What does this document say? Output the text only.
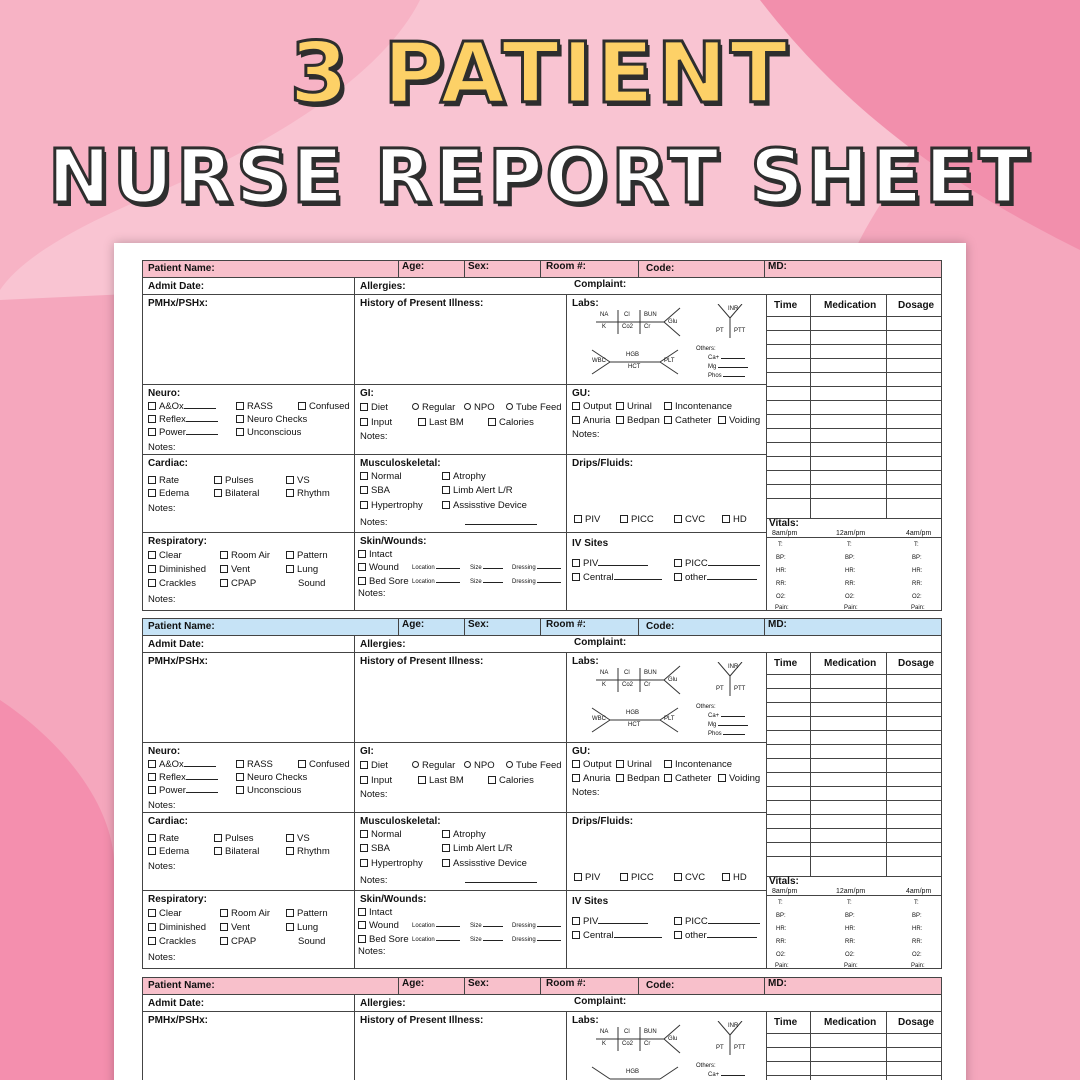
3 PATIENT
NURSE REPORT SHEET
Patient Name:	Age:	Sex:	Room #:	Code:	MD:
Admit Date:	Allergies:	Complaint:
PMHx/PSHx:	History of Present Illness:	Labs:
NA	Cl BUN
K	Co2 Cr
Glu
INR
PT PTT
WBC
HGB
HCT
PLT
Others:
Ca+
Mg
Phos
Time	Medication Dosage
Neuro:
A&Ox	RASS	Confused
Reflex	Neuro Checks
Power	Unconscious
Notes:
GI:
Diet	Regular	NPO	Tube Feed
Input	Last BM	Calories
Notes:
GU:
Output	Urinal	Incontenance
Anuria	Bedpan	Catheter	Voiding
Notes:
Cardiac:
Rate	Pulses	VS
Edema	Bilateral	Rhythm
Notes:
Musculoskeletal:
Normal	Atrophy
SBA	Limb Alert L/R
Hypertrophy	Assisstive Device
Notes:
Drips/Fluids:
PIV	PICC	CVC	HD Vitals:
8am/pm	12am/pm	4am/pm
T:	T:	T:
BP:	BP:	BP:
HR:	HR:	HR:
RR:	RR:	RR:
O2:	O2:	O2:
Pain:	Pain:	Pain:
Respiratory:
Clear	Room Air	Pattern
Diminished	Vent	Lung
Crackles	CPAP	Sound
Notes:
Skin/Wounds:
Intact
Wound Location	Size	Dressing
Bed Sore Location	Size	Dressing
Notes:
IV Sites
PIV	PICC
Central	other
Patient Name:	Age:	Sex:	Room #:	Code:	MD:
Admit Date:	Allergies:	Complaint:
PMHx/PSHx:	History of Present Illness:	Labs:
NA	Cl BUN
K	Co2 Cr
Glu
INR
PT PTT
WBC
HGB
HCT
PLT
Others:
Ca+
Mg
Phos
Time	Medication Dosage
Neuro:
A&Ox	RASS	Confused
Reflex	Neuro Checks
Power	Unconscious
Notes:
GI:
Diet	Regular	NPO	Tube Feed
Input	Last BM	Calories
Notes:
GU:
Output	Urinal	Incontenance
Anuria	Bedpan	Catheter	Voiding
Notes:
Cardiac:
Rate	Pulses	VS
Edema	Bilateral	Rhythm
Notes:
Musculoskeletal:
Normal	Atrophy
SBA	Limb Alert L/R
Hypertrophy	Assisstive Device
Notes:
Drips/Fluids:
PIV	PICC	CVC	HD Vitals:
8am/pm	12am/pm	4am/pm
T:	T:	T:
BP:	BP:	BP:
HR:	HR:	HR:
RR:	RR:	RR:
O2:	O2:	O2:
Pain:	Pain:	Pain:
Respiratory:
Clear	Room Air	Pattern
Diminished	Vent	Lung
Crackles	CPAP	Sound
Notes:
Skin/Wounds:
Intact
Wound Location	Size	Dressing
Bed Sore Location	Size	Dressing
Notes:
IV Sites
PIV	PICC
Central	other
Patient Name:	Age:	Sex:	Room #:	Code:	MD:
Admit Date:	Allergies:	Complaint:
PMHx/PSHx:	History of Present Illness:	Labs:
NA	Cl BUN
K	Co2 Cr
Glu
INR
PT PTT
HGB
Others:
Ca+
Time	Medication Dosage
